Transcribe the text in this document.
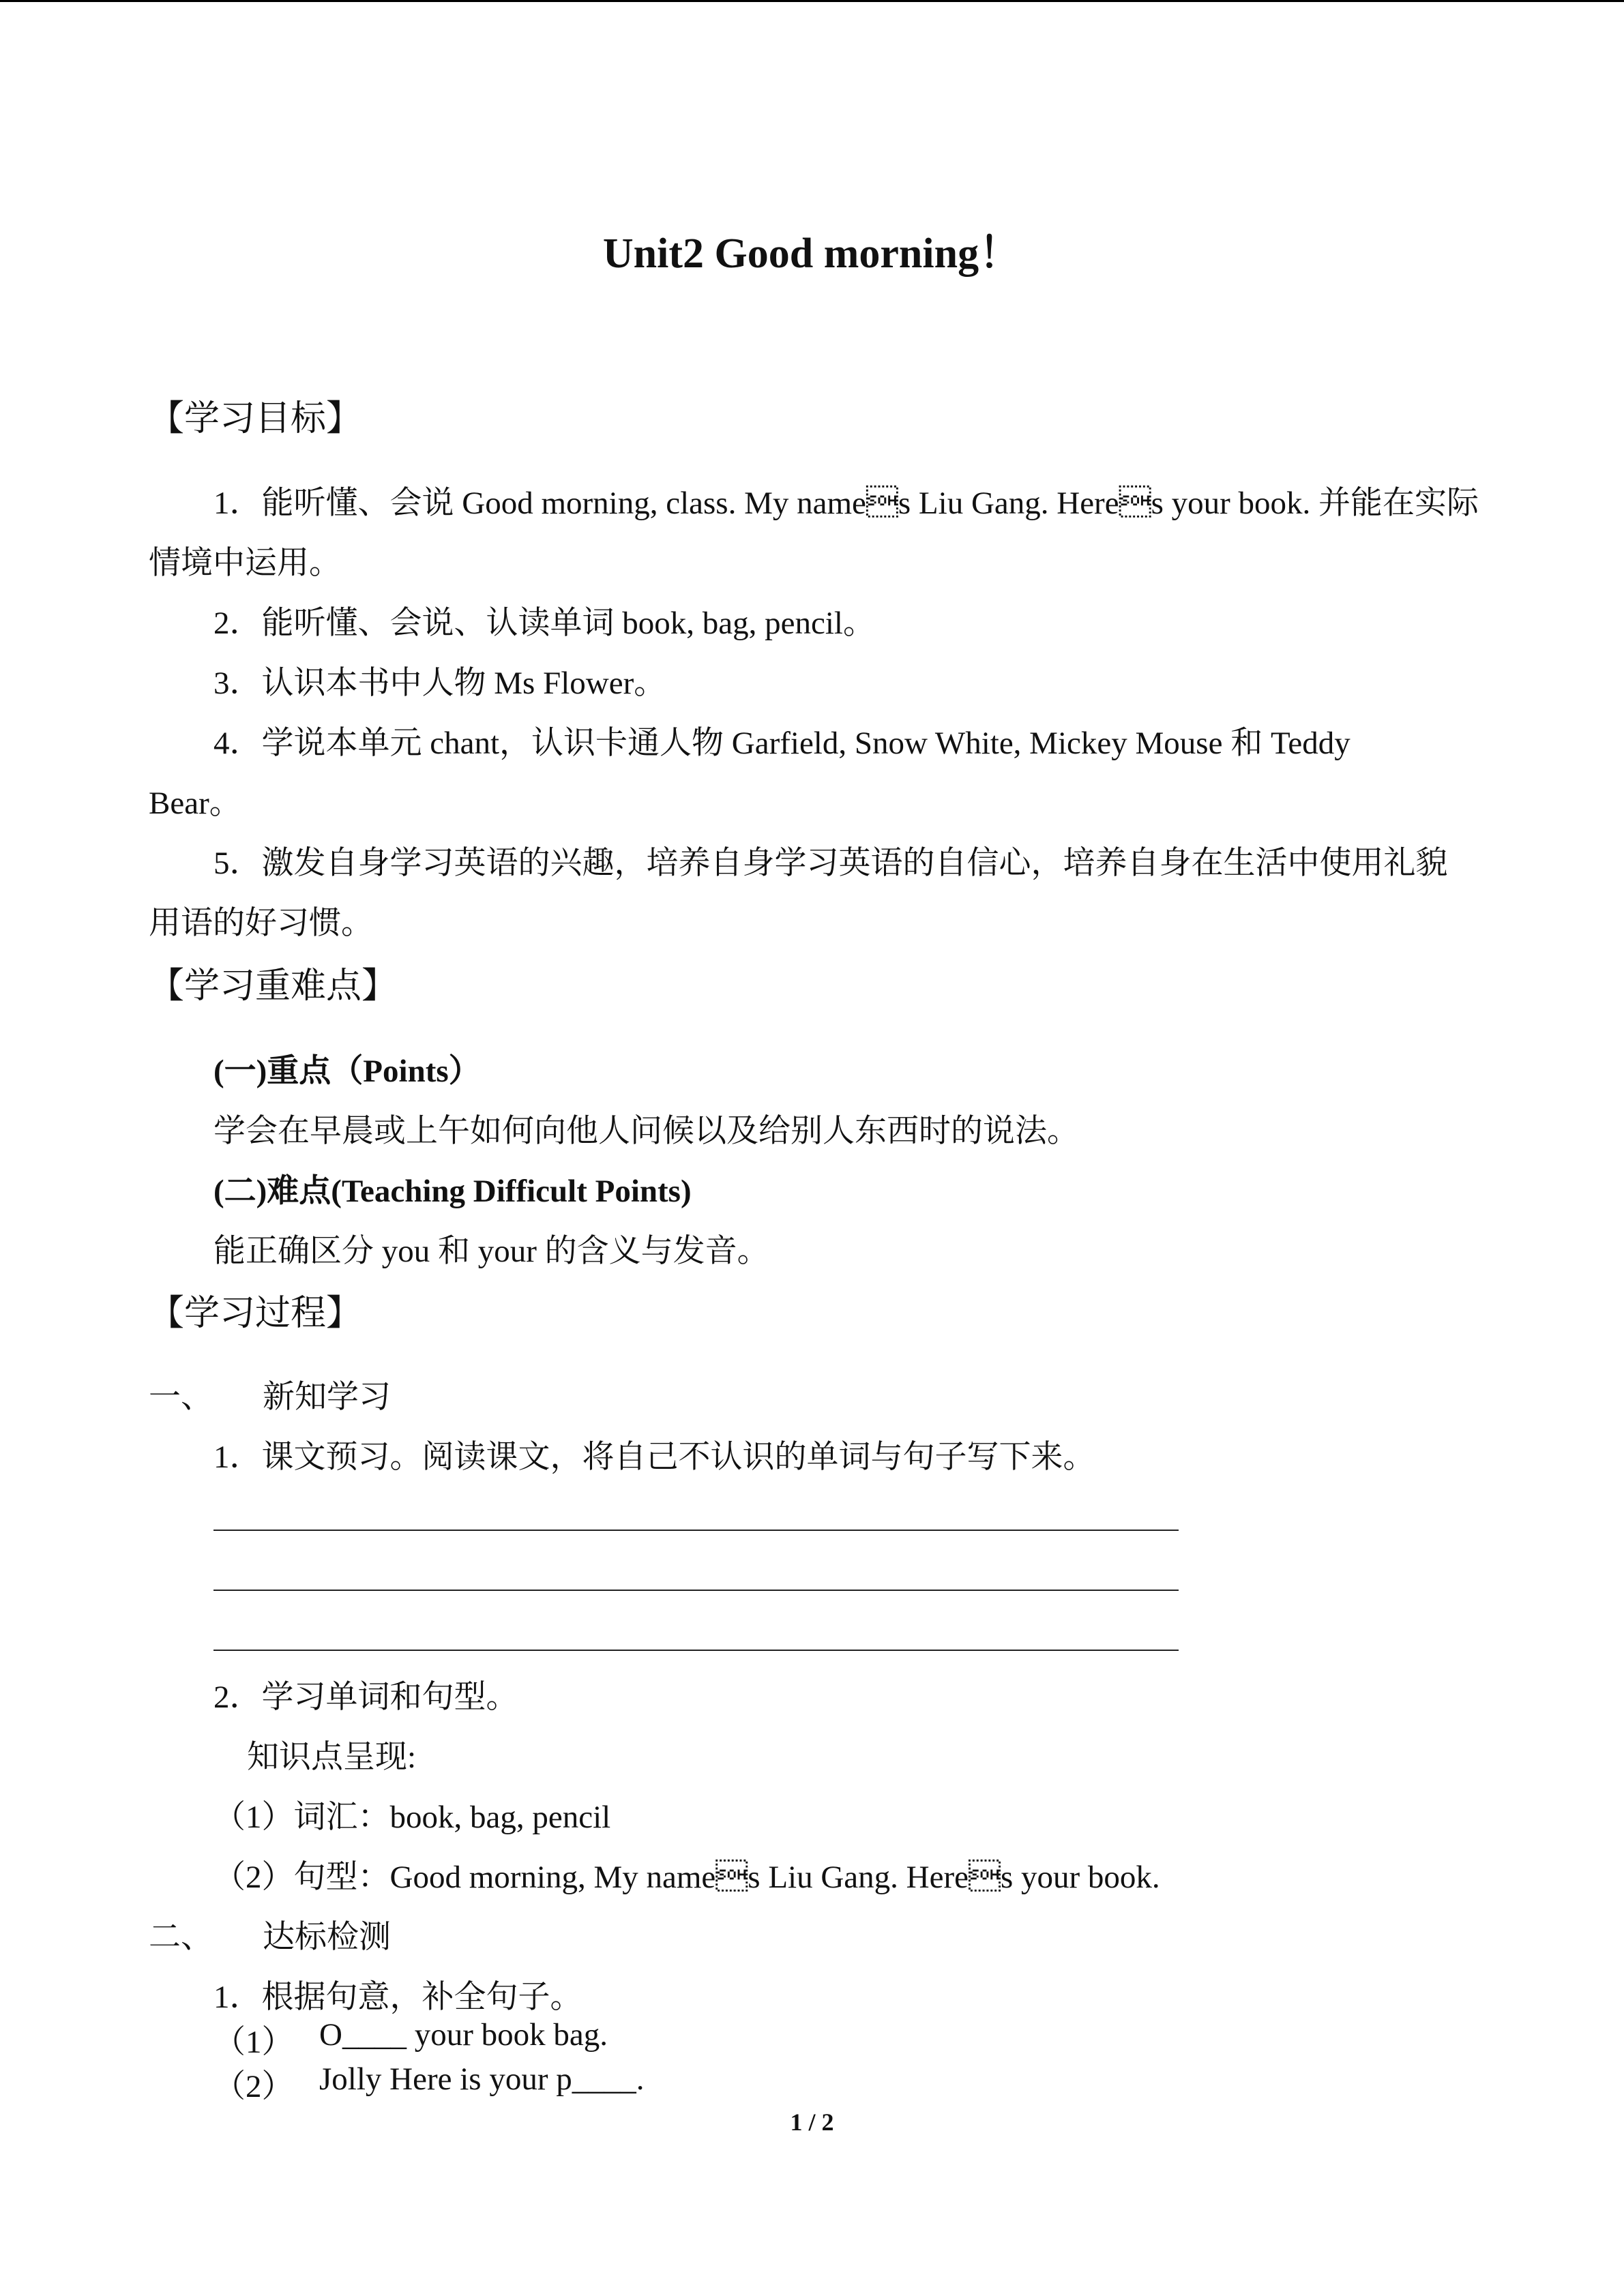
Unit2 Good morning！
【学习目标】
1．能听懂、会说 Good morning, class. My names Liu Gang. Heres your book. 并能在实际
情境中运用。
2．能听懂、会说、认读单词 book, bag, pencil。
3．认识本书中人物 Ms Flower。
4．学说本单元 chant，认识卡通人物 Garfield, Snow White, Mickey Mouse 和 Teddy
Bear。
5．激发自身学习英语的兴趣，培养自身学习英语的自信心，培养自身在生活中使用礼貌
用语的好习惯。
【学习重难点】
(一)重点（Points）
学会在早晨或上午如何向他人问候以及给别人东西时的说法。
(二)难点(Teaching Difficult Points)
能正确区分 you 和 your 的含义与发音。
【学习过程】
一、 新知学习
1．课文预习。阅读课文，将自己不认识的单词与句子写下来。
2．学习单词和句型。
知识点呈现:
（1）词汇：book, bag, pencil
（2）句型：Good morning, My names Liu Gang. Heres your book.
二、 达标检测
1．根据句意，补全句子。
（1） O____ your book bag.
（2） Jolly Here is your p____.
1 / 2
